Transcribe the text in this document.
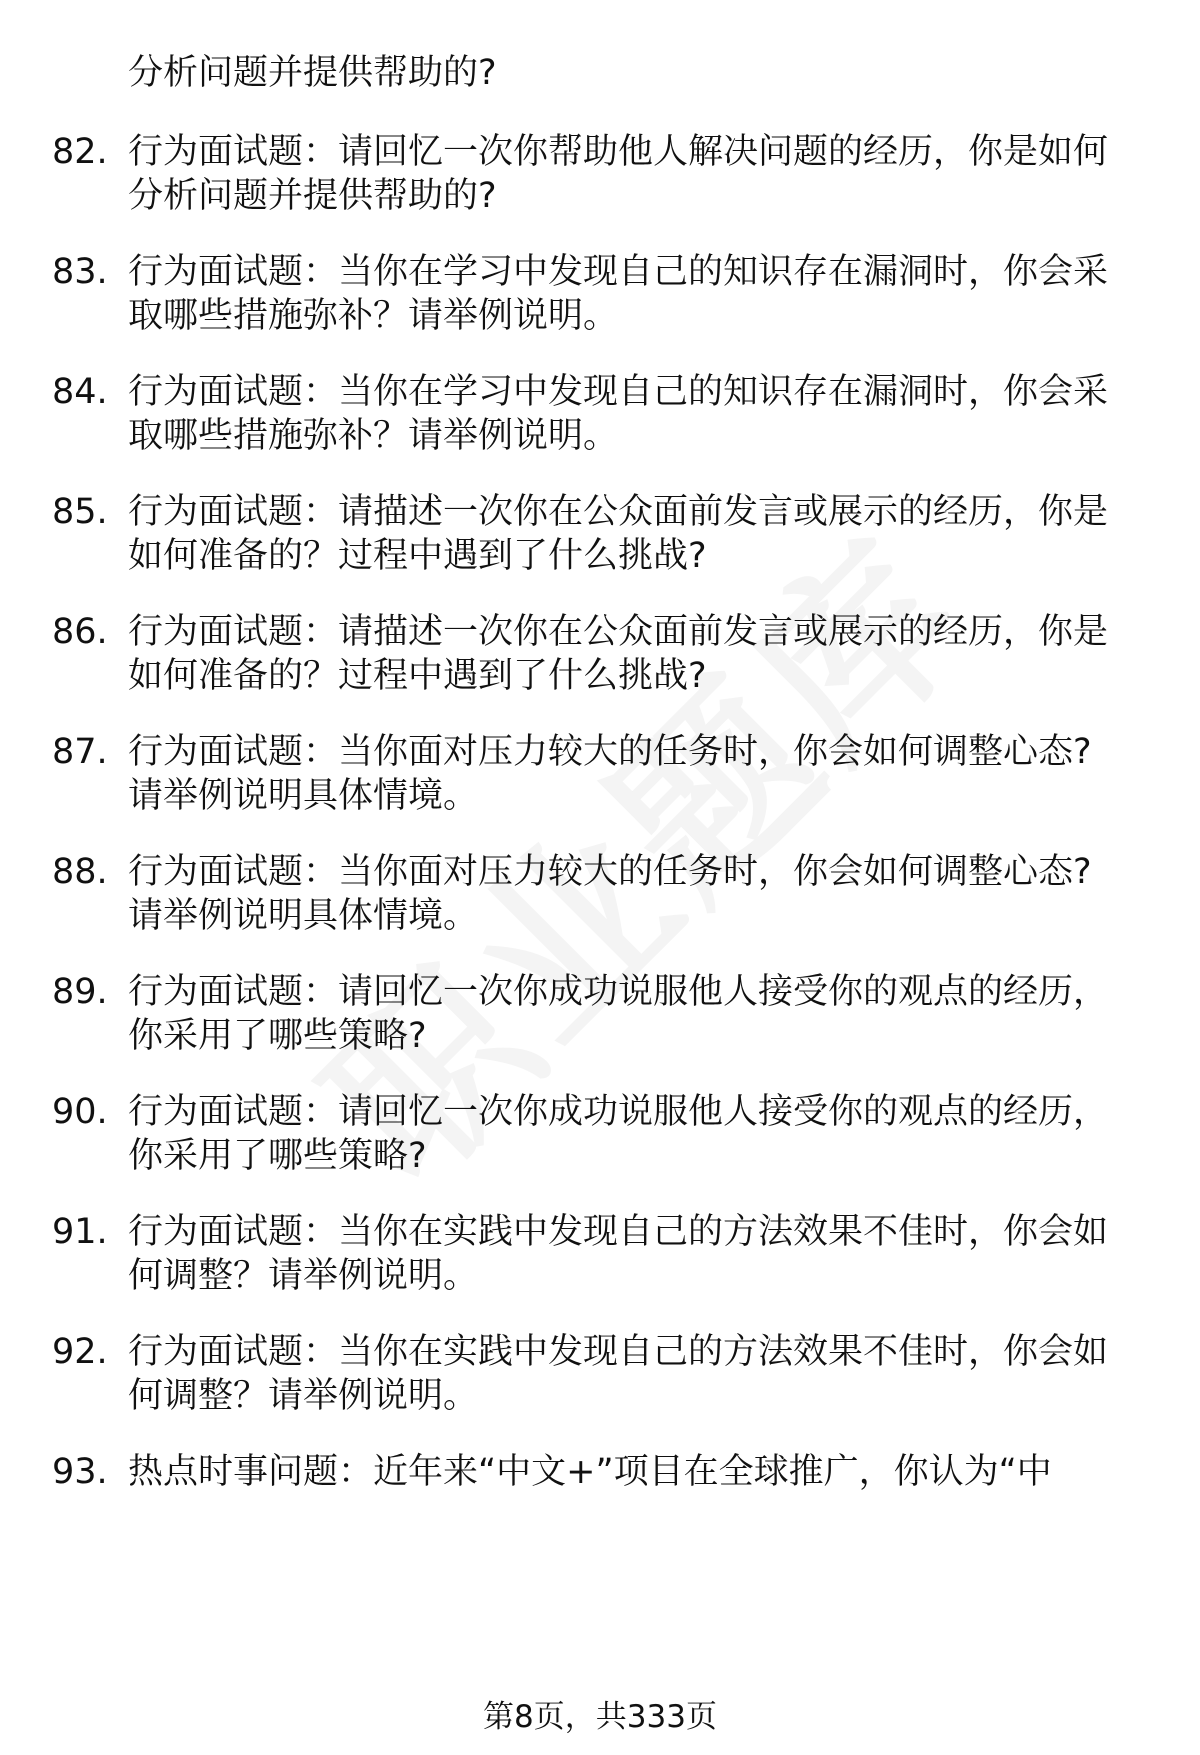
分析问题并提供帮助的?
82. 行为面试题：请回忆一次你帮助他人解决问题的经历，你是如何
分析问题并提供帮助的?
83. 行为面试题：当你在学习中发现自己的知识存在漏洞时，你会采
取哪些措施弥补？请举例说明。
84. 行为面试题：当你在学习中发现自己的知识存在漏洞时，你会采
取哪些措施弥补？请举例说明。
85. 行为面试题：请描述一次你在公众面前发言或展示的经历，你是
如何准备的？过程中遇到了什么挑战?
86. 行为面试题：请描述一次你在公众面前发言或展示的经历，你是
如何准备的？过程中遇到了什么挑战?
87. 行为面试题：当你面对压力较大的任务时，你会如何调整心态?
请举例说明具体情境。
88. 行为面试题：当你面对压力较大的任务时，你会如何调整心态?
请举例说明具体情境。
89. 行为面试题：请回忆一次你成功说服他人接受你的观点的经历，
你采用了哪些策略?
90. 行为面试题：请回忆一次你成功说服他人接受你的观点的经历，
你采用了哪些策略?
91. 行为面试题：当你在实践中发现自己的方法效果不佳时，你会如
何调整？请举例说明。
92. 行为面试题：当你在实践中发现自己的方法效果不佳时，你会如
何调整？请举例说明。
93. 热点时事问题：近年来“中文+”项目在全球推广，你认为“中
第8页，共333页
